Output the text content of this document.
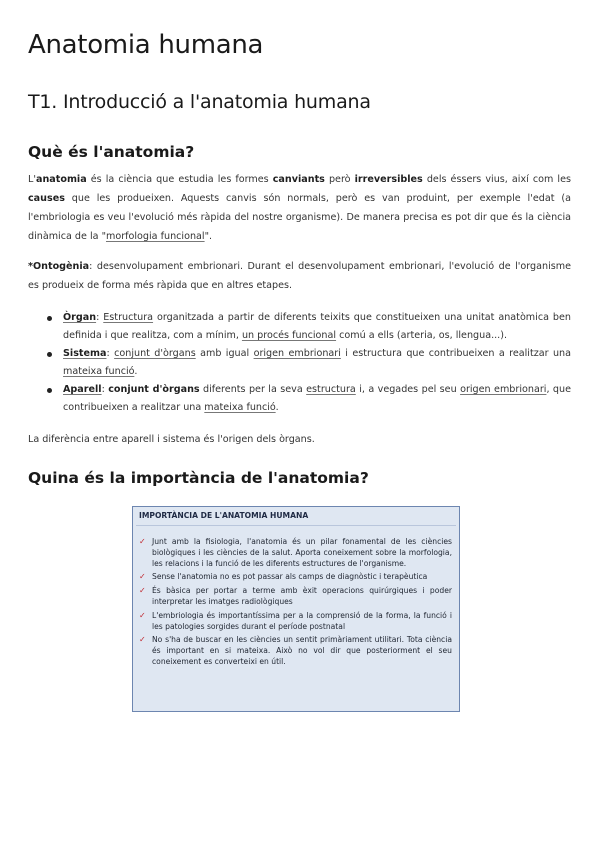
Anatomia humana
T1. Introducció a l'anatomia humana
Què és l'anatomia?

L'anatomia és la ciència que estudia les formes canviants però irreversibles dels éssers vius, així com les causes que les produeixen. Aquests canvis són normals, però es van produint, per exemple l'edat (a l'embriologia es veu l'evolució més ràpida del nostre organisme). De manera precisa es pot dir que és la ciència dinàmica de la "morfologia funcional".

*Ontogènia: desenvolupament embrionari. Durant el desenvolupament embrionari, l'evolució de l'organisme es produeix de forma més ràpida que en altres etapes.

Òrgan: Estructura organitzada a partir de diferents teixits que constitueixen una unitat anatòmica ben definida i que realitza, com a mínim, un procés funcional comú a ells (arteria, os, llengua...).
Sistema: conjunt d'òrgans amb igual origen embrionari i estructura que contribueixen a realitzar una mateixa funció.
Aparell: conjunt d'òrgans diferents per la seva estructura i, a vegades pel seu origen embrionari, que contribueixen a realitzar una mateixa funció.

La diferència entre aparell i sistema és l'origen dels òrgans.

Quina és la importància de l'anatomia?
IMPORTÀNCIA DE L'ANATOMIA HUMANA
✓ Junt amb la fisiologia, l'anatomia és un pilar fonamental de les ciències biològiques i les ciències de la salut. Aporta coneixement sobre la morfologia, les relacions i la funció de les diferents estructures de l'organisme.
✓ Sense l'anatomia no es pot passar als camps de diagnòstic i terapèutica
✓ És bàsica per portar a terme amb èxit operacions quirúrgiques i poder interpretar les imatges radiològiques
✓ L'embriologia és importantíssima per a la comprensió de la forma, la funció i les patologies sorgides durant el període postnatal
✓ No s'ha de buscar en les ciències un sentit primàriament utilitari. Tota ciència és important en si mateixa. Això no vol dir que posteriorment el seu coneixement es converteixi en útil.
